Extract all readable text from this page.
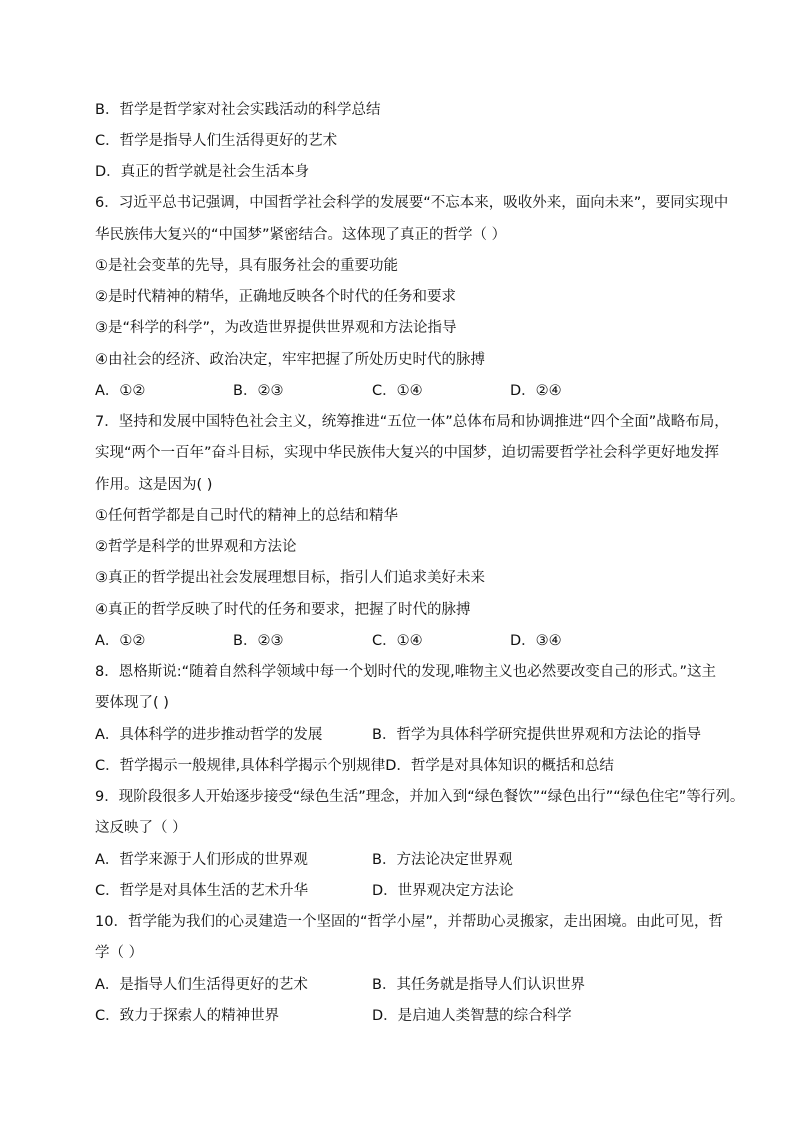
B．哲学是哲学家对社会实践活动的科学总结
C．哲学是指导人们生活得更好的艺术
D．真正的哲学就是社会生活本身
6．习近平总书记强调，中国哲学社会科学的发展要“不忘本来，吸收外来，面向未来”，要同实现中
华民族伟大复兴的“中国梦”紧密结合。这体现了真正的哲学（ ）
①是社会变革的先导，具有服务社会的重要功能
②是时代精神的精华，正确地反映各个时代的任务和要求
③是“科学的科学”，为改造世界提供世界观和方法论指导
④由社会的经济、政治决定，牢牢把握了所处历史时代的脉搏
A．①②	B．②③	C．①④	D．②④
7．坚持和发展中国特色社会主义，统筹推进“五位一体”总体布局和协调推进“四个全面”战略布局，
实现“两个一百年”奋斗目标，实现中华民族伟大复兴的中国梦，迫切需要哲学社会科学更好地发挥
作用。这是因为( )
①任何哲学都是自己时代的精神上的总结和精华
②哲学是科学的世界观和方法论
③真正的哲学提出社会发展理想目标，指引人们追求美好未来
④真正的哲学反映了时代的任务和要求，把握了时代的脉搏
A．①②	B．②③	C．①④	D．③④
8．恩格斯说:“随着自然科学领域中每一个划时代的发现,唯物主义也必然要改变自己的形式。”这主
要体现了( )
A．具体科学的进步推动哲学的发展	B．哲学为具体科学研究提供世界观和方法论的指导
C．哲学揭示一般规律,具体科学揭示个别规律D．哲学是对具体知识的概括和总结
9．现阶段很多人开始逐步接受“绿色生活”理念，并加入到“绿色餐饮”“绿色出行”“绿色住宅”等行列。
这反映了（ ）
A．哲学来源于人们形成的世界观	B．方法论决定世界观
C．哲学是对具体生活的艺术升华	D．世界观决定方法论
10．哲学能为我们的心灵建造一个坚固的“哲学小屋”，并帮助心灵搬家，走出困境。由此可见，哲
学（ ）
A．是指导人们生活得更好的艺术	B．其任务就是指导人们认识世界
C．致力于探索人的精神世界	D．是启迪人类智慧的综合科学
